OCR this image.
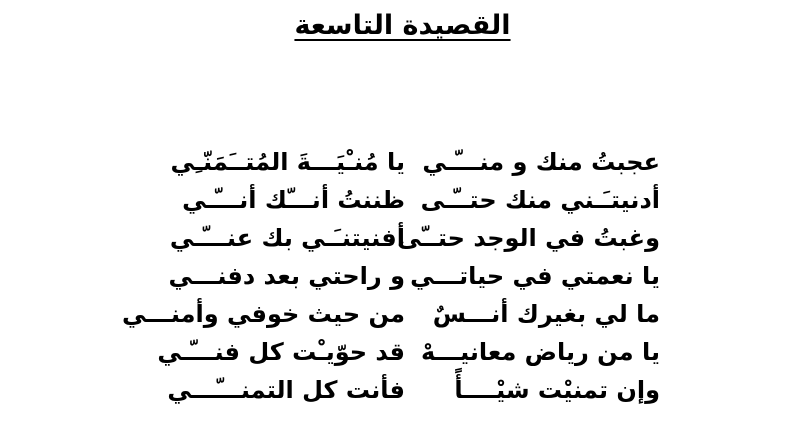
القصيدة التاسعة
عجبتُ منك و منـــّـي
يا مُنـْيَـــةَ المُتــَمَنّـِي
أدنيتـَـني منك حتــّـى
ظننتُ أنـــّك أنـــّـي
وغبتُ في الوجد حتــّى
أفنيتنـَـي بك عنـــّـي
يا نعمتي في حياتـــي
و راحتي بعد دفنـــي
ما لي بغيرك أنـــسٌ
من حيث خوفي وأمنـــي
يا من رياض معانيـــهْ
قد حوّيـْت كل فنـــّـي
وإن تمنيْت شيْــــأً
فأنت كل التمنـــّـــي
